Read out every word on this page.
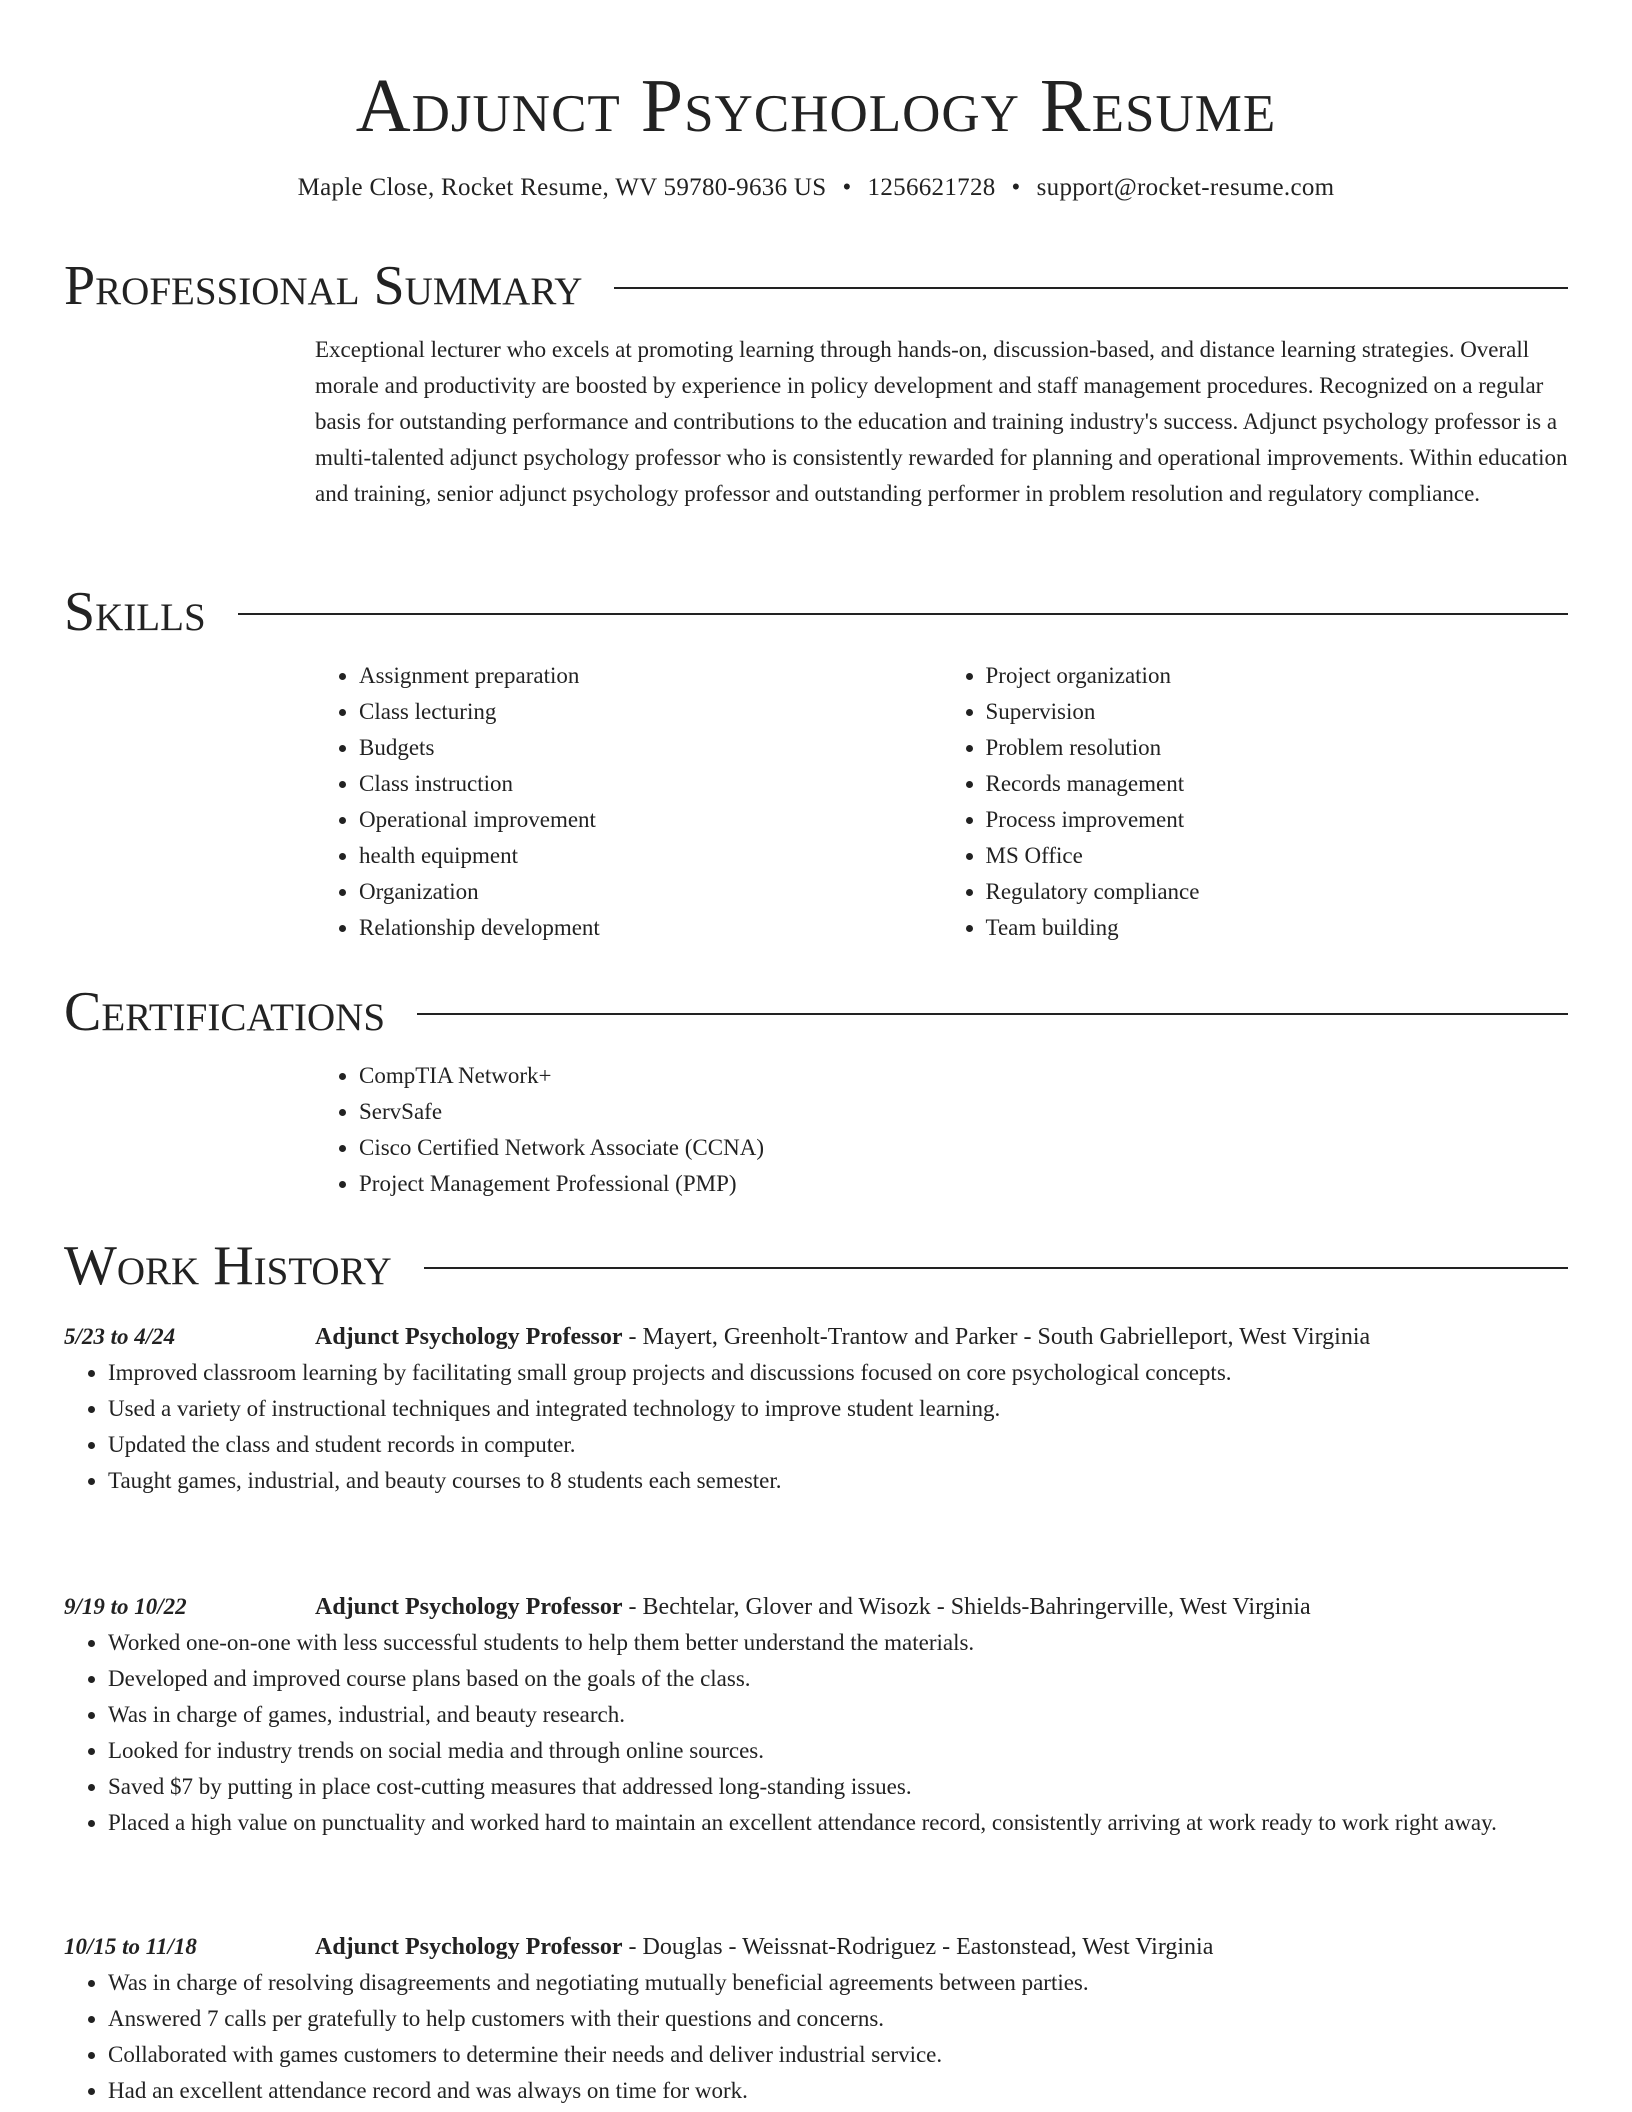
Adjunct Psychology Resume
Maple Close, Rocket Resume, WV 59780-9636 US • 1256621728 • support@rocket-resume.com
Professional Summary

Exceptional lecturer who excels at promoting learning through hands-on, discussion-based, and distance learning strategies. Overall morale and productivity are boosted by experience in policy development and staff management procedures. Recognized on a regular basis for outstanding performance and contributions to the education and training industry's success. Adjunct psychology professor is a multi-talented adjunct psychology professor who is consistently rewarded for planning and operational improvements. Within education and training, senior adjunct psychology professor and outstanding performer in problem resolution and regulatory compliance.

Skills
• Assignment preparation
• Class lecturing
• Budgets
• Class instruction
• Operational improvement
• health equipment
• Organization
• Relationship development
• Project organization
• Supervision
• Problem resolution
• Records management
• Process improvement
• MS Office
• Regulatory compliance
• Team building
Certifications
• CompTIA Network+
• ServSafe
• Cisco Certified Network Associate (CCNA)
• Project Management Professional (PMP)
Work History
5/23 to 4/24	Adjunct Psychology Professor - Mayert, Greenholt-Trantow and Parker - South Gabrielleport, West Virginia
• Improved classroom learning by facilitating small group projects and discussions focused on core psychological concepts.
• Used a variety of instructional techniques and integrated technology to improve student learning.
• Updated the class and student records in computer.
• Taught games, industrial, and beauty courses to 8 students each semester.
9/19 to 10/22	Adjunct Psychology Professor - Bechtelar, Glover and Wisozk - Shields-Bahringerville, West Virginia
• Worked one-on-one with less successful students to help them better understand the materials.
• Developed and improved course plans based on the goals of the class.
• Was in charge of games, industrial, and beauty research.
• Looked for industry trends on social media and through online sources.
• Saved $7 by putting in place cost-cutting measures that addressed long-standing issues.
• Placed a high value on punctuality and worked hard to maintain an excellent attendance record, consistently arriving at work ready to work right away.
10/15 to 11/18	Adjunct Psychology Professor - Douglas - Weissnat-Rodriguez - Eastonstead, West Virginia
• Was in charge of resolving disagreements and negotiating mutually beneficial agreements between parties.
• Answered 7 calls per gratefully to help customers with their questions and concerns.
• Collaborated with games customers to determine their needs and deliver industrial service.
• Had an excellent attendance record and was always on time for work.
